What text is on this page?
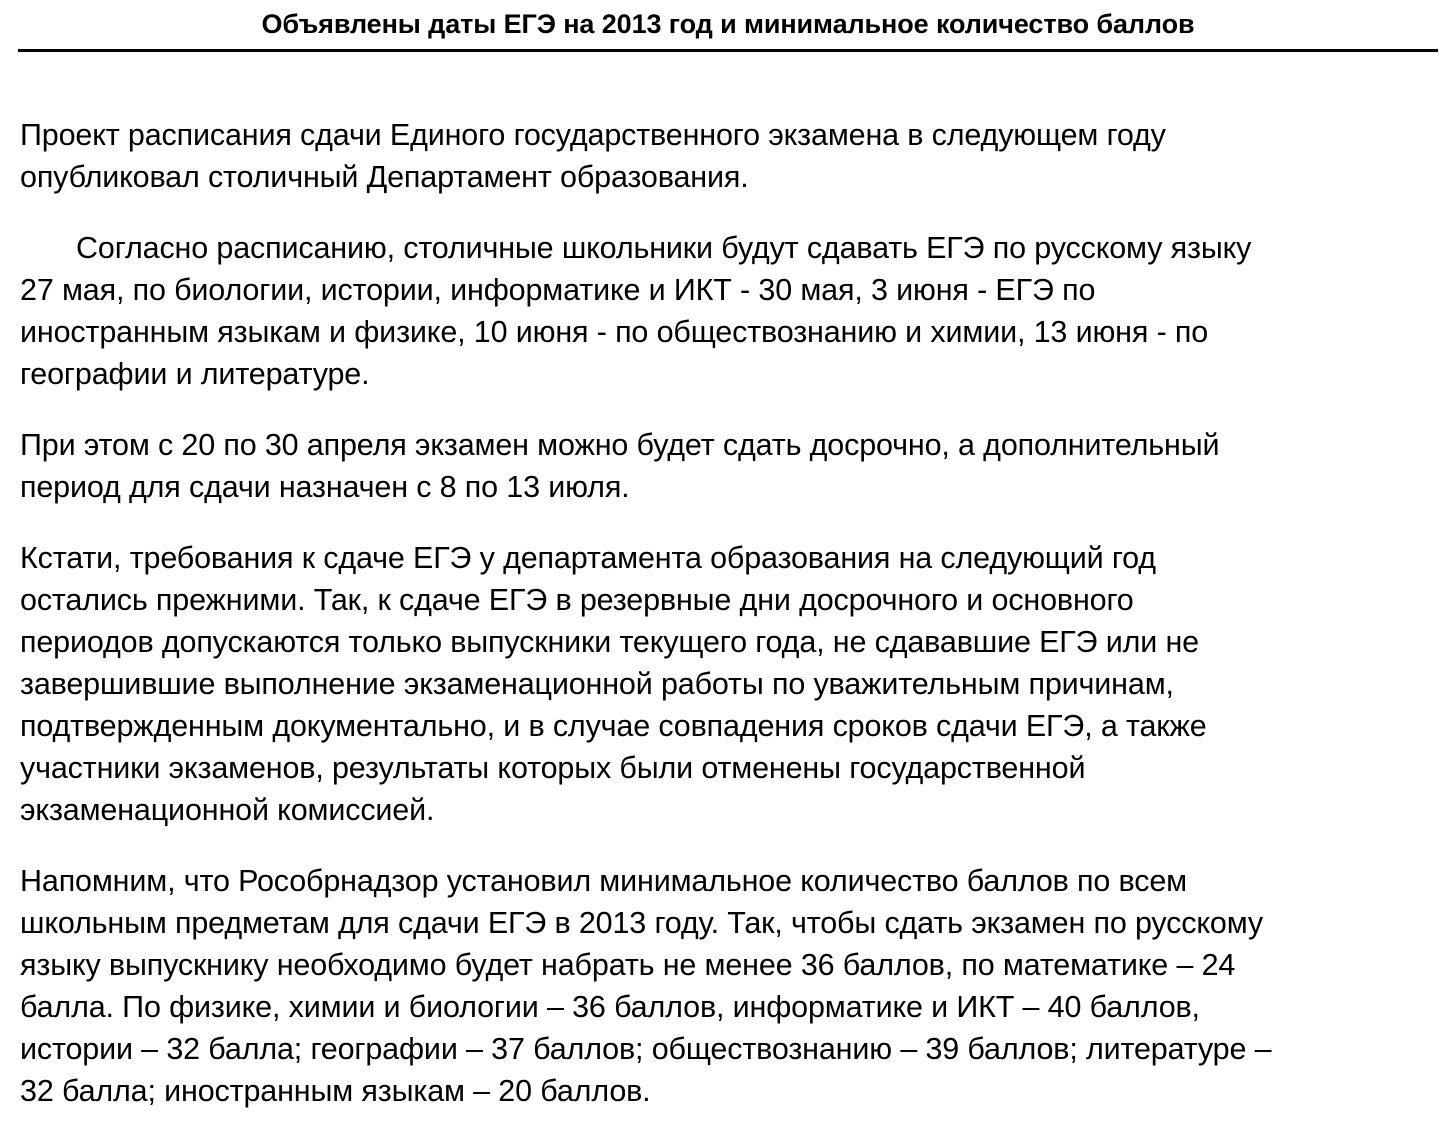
Объявлены даты ЕГЭ на 2013 год и минимальное количество баллов

Проект расписания сдачи Единого государственного экзамена в следующем году
опубликовал столичный Департамент образования.

Согласно расписанию, столичные школьники будут сдавать ЕГЭ по русскому языку
27 мая, по биологии, истории, информатике и ИКТ - 30 мая, 3 июня - ЕГЭ по
иностранным языкам и физике, 10 июня - по обществознанию и химии, 13 июня - по
географии и литературе.

При этом с 20 по 30 апреля экзамен можно будет сдать досрочно, а дополнительный
период для сдачи назначен с 8 по 13 июля.

Кстати, требования к сдаче ЕГЭ у департамента образования на следующий год
остались прежними. Так, к сдаче ЕГЭ в резервные дни досрочного и основного
периодов допускаются только выпускники текущего года, не сдававшие ЕГЭ или не
завершившие выполнение экзаменационной работы по уважительным причинам,
подтвержденным документально, и в случае совпадения сроков сдачи ЕГЭ, а также
участники экзаменов, результаты которых были отменены государственной
экзаменационной комиссией.

Напомним, что Рособрнадзор установил минимальное количество баллов по всем
школьным предметам для сдачи ЕГЭ в 2013 году. Так, чтобы сдать экзамен по русскому
языку выпускнику необходимо будет набрать не менее 36 баллов, по математике – 24
балла. По физике, химии и биологии – 36 баллов, информатике и ИКТ – 40 баллов,
истории – 32 балла; географии – 37 баллов; обществознанию – 39 баллов; литературе –
32 балла; иностранным языкам – 20 баллов.
